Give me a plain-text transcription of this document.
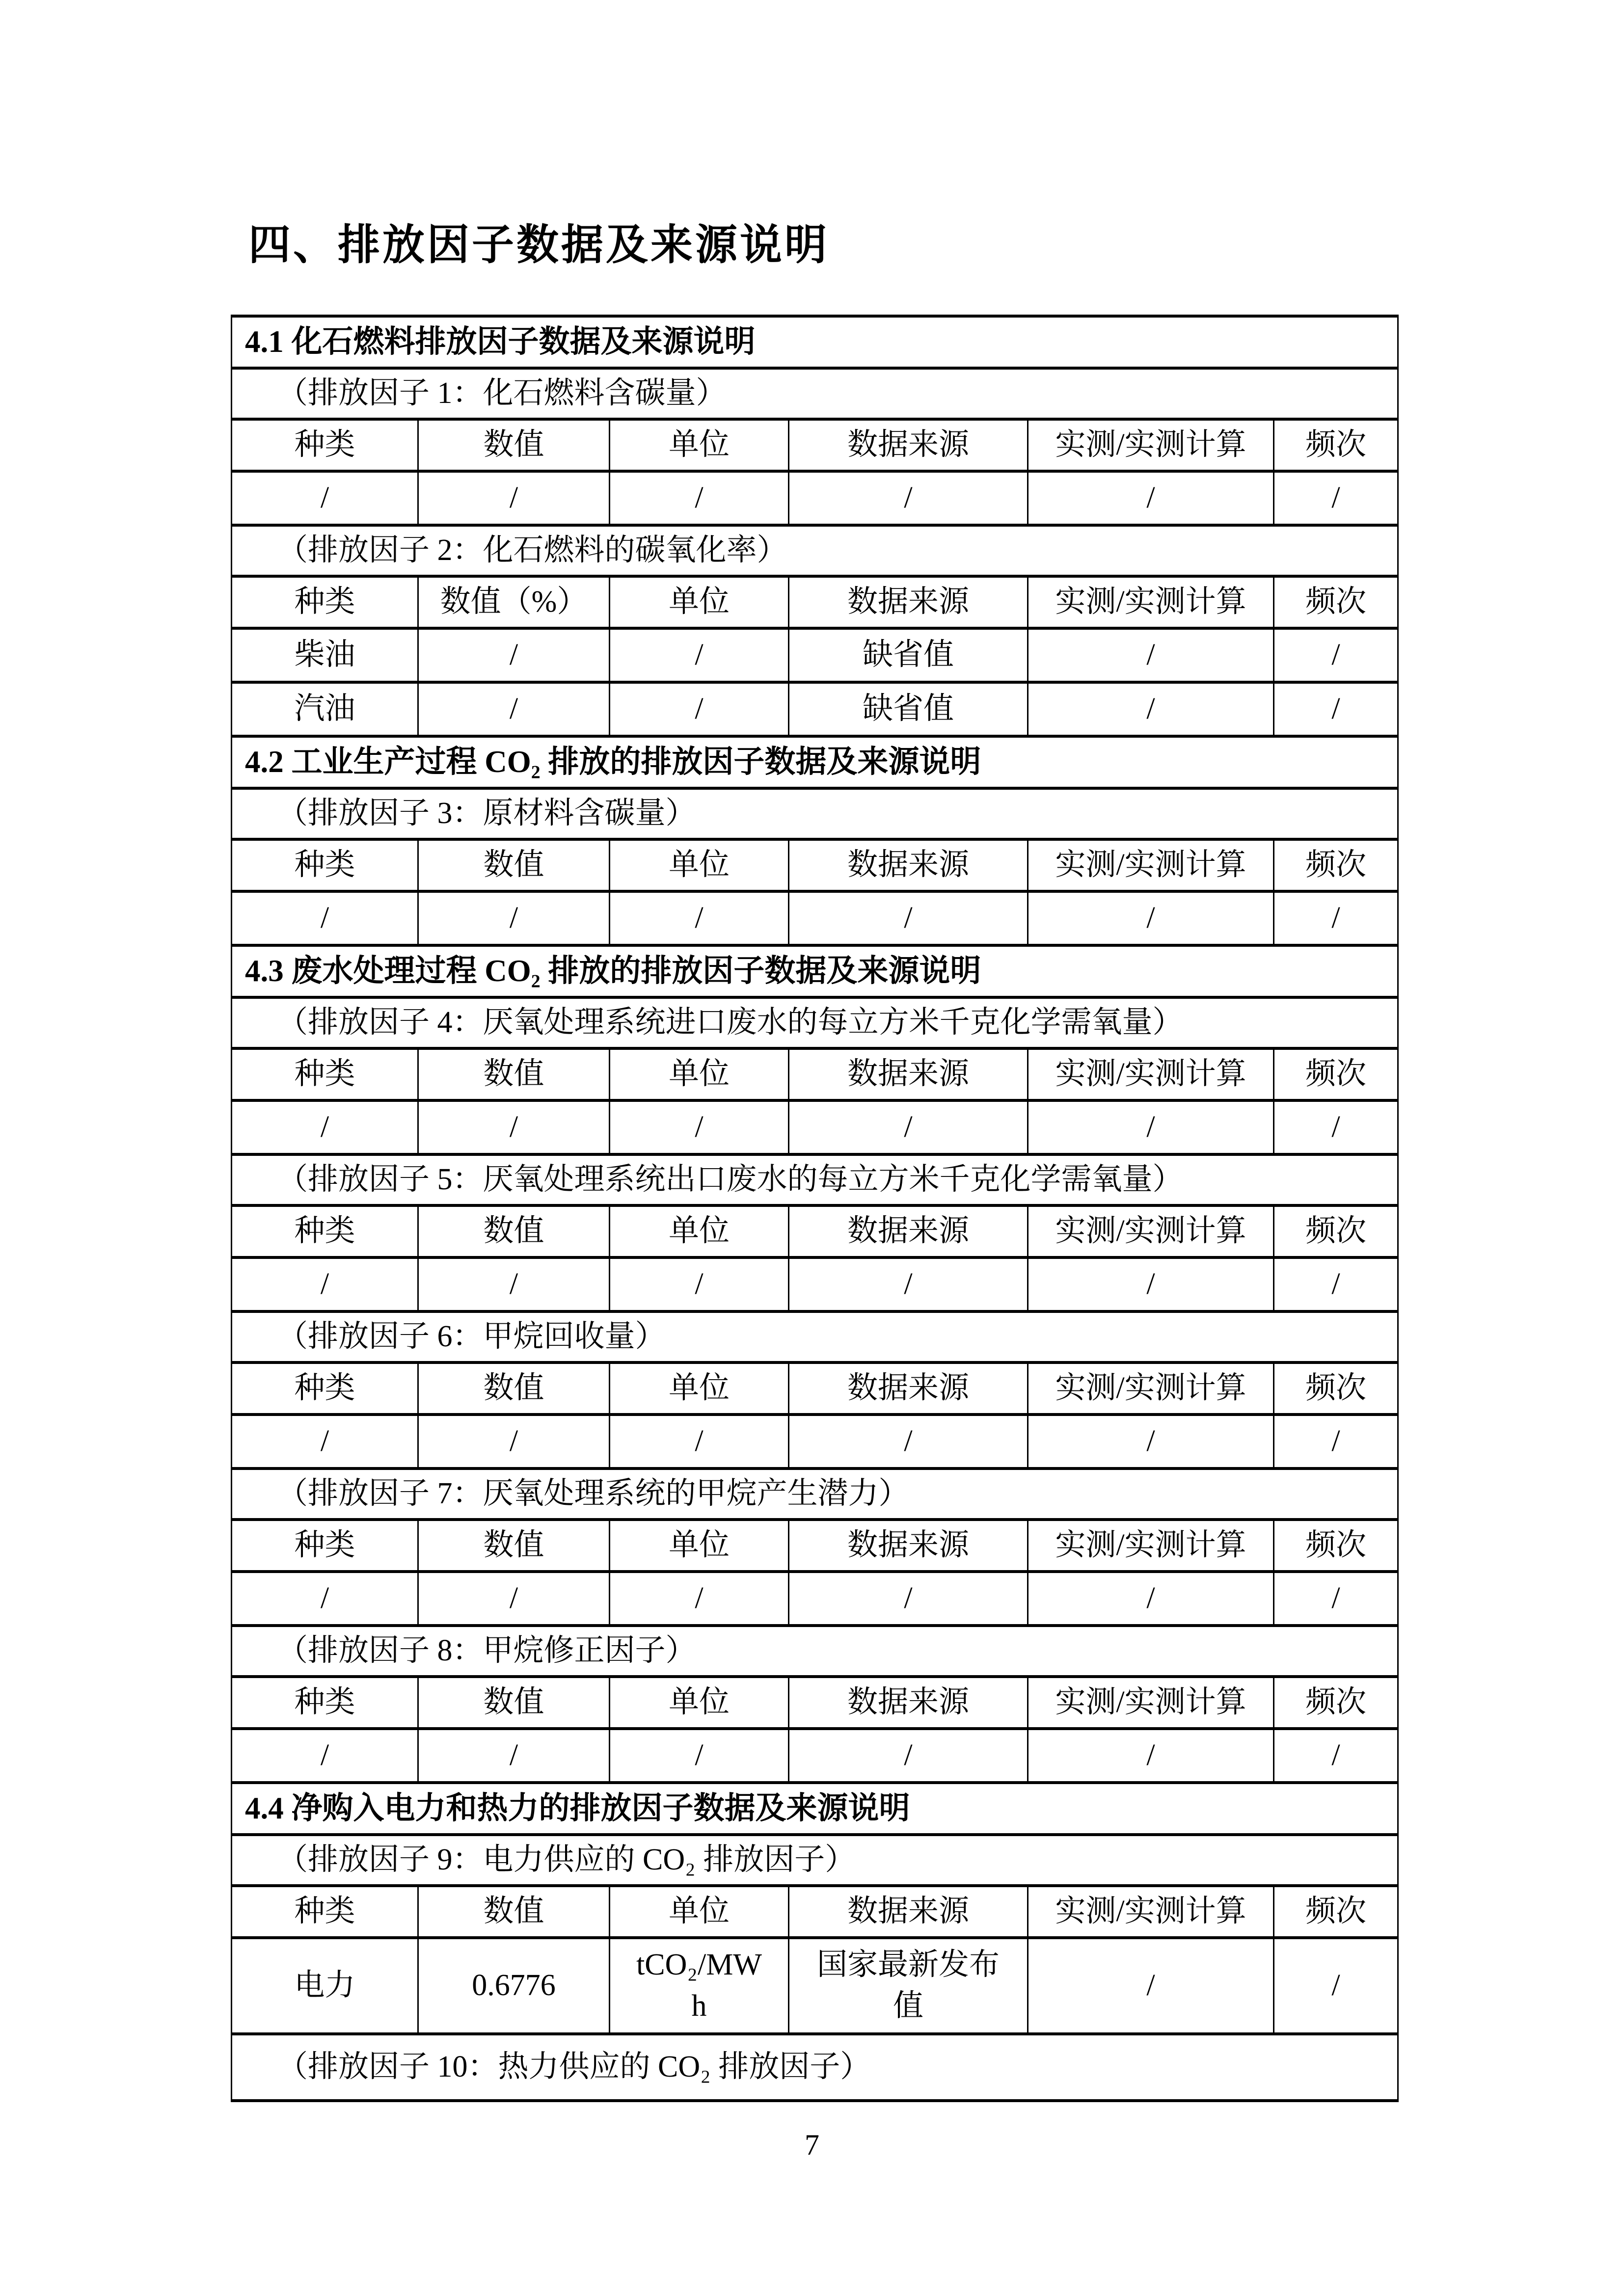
四、排放因子数据及来源说明
4.1 化石燃料排放因子数据及来源说明					
（排放因子 1：化石燃料含碳量）					
种类	数值	单位	数据来源	实测/实测计算	频次
/	/	/	/	/	/
（排放因子 2：化石燃料的碳氧化率）					
种类	数值（%）	单位	数据来源	实测/实测计算	频次
柴油	/	/	缺省值	/	/
汽油	/	/	缺省值	/	/
4.2 工业生产过程 CO₂ 排放的排放因子数据及来源说明					
（排放因子 3：原材料含碳量）					
种类	数值	单位	数据来源	实测/实测计算	频次
/	/	/	/	/	/
4.3 废水处理过程 CO₂ 排放的排放因子数据及来源说明					
（排放因子 4：厌氧处理系统进口废水的每立方米千克化学需氧量）					
种类	数值	单位	数据来源	实测/实测计算	频次
/	/	/	/	/	/
（排放因子 5：厌氧处理系统出口废水的每立方米千克化学需氧量）					
种类	数值	单位	数据来源	实测/实测计算	频次
/	/	/	/	/	/
（排放因子 6：甲烷回收量）					
种类	数值	单位	数据来源	实测/实测计算	频次
/	/	/	/	/	/
（排放因子 7：厌氧处理系统的甲烷产生潜力）					
种类	数值	单位	数据来源	实测/实测计算	频次
/	/	/	/	/	/
（排放因子 8：甲烷修正因子）					
种类	数值	单位	数据来源	实测/实测计算	频次
/	/	/	/	/	/
4.4 净购入电力和热力的排放因子数据及来源说明					
（排放因子 9：电力供应的 CO₂ 排放因子）					
种类	数值	单位	数据来源	实测/实测计算	频次
电力	0.6776	tCO₂/MWh	国家最新发布值	/	/
（排放因子 10：热力供应的 CO₂ 排放因子）					
7
